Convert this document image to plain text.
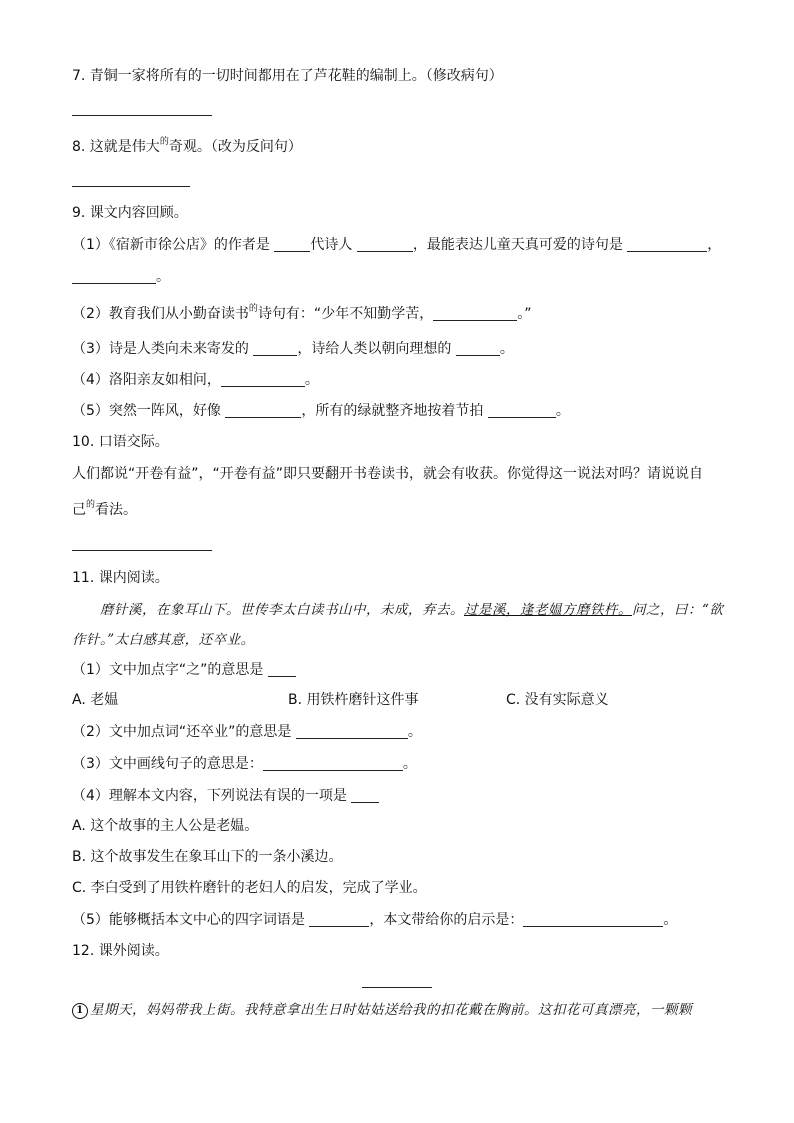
7. 青铜一家将所有的一切时间都用在了芦花鞋的编制上。（修改病句）
8. 这就是伟大$^的$奇观。（改为反问句）
9. 课文内容回顾。
（1）《宿新市徐公店》的作者是	代诗人	，最能表达儿童天真可爱的诗句是	，
。
（2）教育我们从小勤奋读书$^的$诗句有：“少年不知勤学苦，	。”
（3）诗是人类向未来寄发的	，诗给人类以朝向理想的	。
（4）洛阳亲友如相问，	。
（5）突然一阵风，好像	，所有的绿就整齐地按着节拍	。
10. 口语交际。
人们都说“开卷有益”，“开卷有益”即只要翻开书卷读书，就会有收获。你觉得这一说法对吗？请说说自
己$^的$看法。
11. 课内阅读。
磨针溪，在象耳山下。世传李太白读书山中，未成，弃去。过是溪，逢老媪方磨铁杵。问之，曰：“欲
作针。”太白感其意，还卒业。
（1）文中加点字“之”的意思是
A. 老媪	B. 用铁杵磨针这件事	C. 没有实际意义
（2）文中加点词“还卒业”的意思是	。
（3）文中画线句子的意思是：	。
（4）理解本文内容，下列说法有误的一项是
A. 这个故事的主人公是老媪。
B. 这个故事发生在象耳山下的一条小溪边。
C. 李白受到了用铁杵磨针的老妇人的启发，完成了学业。
（5）能够概括本文中心的四字词语是	，本文带给你的启示是：	。
12. 课外阅读。
1 星期天，妈妈带我上街。我特意拿出生日时姑姑送给我的扣花戴在胸前。这扣花可真漂亮，一颗颗
